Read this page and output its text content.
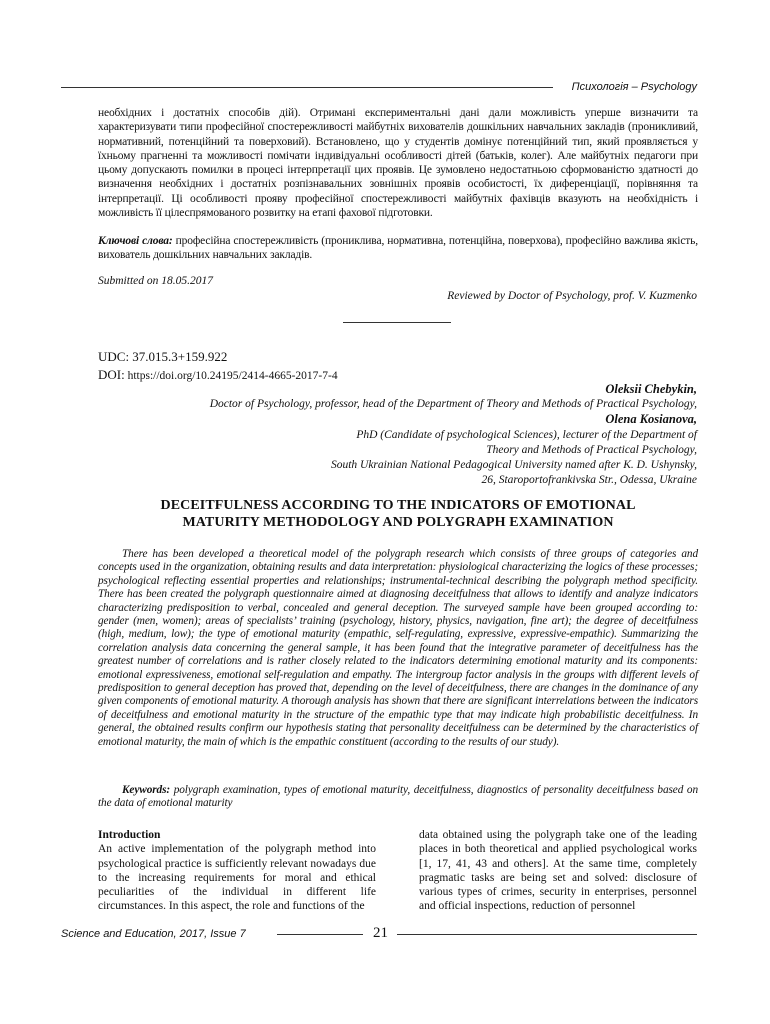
Психологія – Psychology

необхідних і достатніх способів дій). Отримані експериментальні дані дали можливість уперше визначити та характеризувати типи професійної спостережливості майбутніх вихователів дошкільних навчальних закладів (проникливий, нормативний, потенційний та поверховий). Встановлено, що у студентів домінує потенційний тип, який проявляється у їхньому прагненні та можливості помічати індивідуальні особливості дітей (батьків, колег). Але майбутніх педагоги при цьому допускають помилки в процесі інтерпретації цих проявів. Це зумовлено недостатньою сформованістю здатності до визначення необхідних і достатніх розпізнавальних зовнішніх проявів особистості, їх диференціації, порівняння та інтерпретації. Ці особливості прояву професійної спостережливості майбутніх фахівців вказують на необхідність і можливість її цілеспрямованого розвитку на етапі фахової підготовки.

Ключові слова: професійна спостережливість (проникливa, нормативна, потенційна, поверхова), професійно важлива якість, вихователь дошкільних навчальних закладів.

Submitted on 18.05.2017
Reviewed by Doctor of Psychology, prof. V. Kuzmenko
UDC: 37.015.3+159.922
DOI: https://doi.org/10.24195/2414-4665-2017-7-4
Oleksii Chebykin,
Doctor of Psychology, professor, head of the Department of Theory and Methods of Practical Psychology,
Olena Kosianova,
PhD (Candidate of psychological Sciences), lecturer of the Department of
Theory and Methods of Practical Psychology,
South Ukrainian National Pedagogical University named after K. D. Ushynsky,
26, Staroportofrankivska Str., Odessa, Ukraine
DECEITFULNESS ACCORDING TO THE INDICATORS OF EMOTIONAL
MATURITY METHODOLOGY AND POLYGRAPH EXAMINATION

There has been developed a theoretical model of the polygraph research which consists of three groups of categories and concepts used in the organization, obtaining results and data interpretation: physiological characterizing the logics of these processes; psychological reflecting essential properties and relationships; instrumental-technical describing the polygraph method specificity. There has been created the polygraph questionnaire aimed at diagnosing deceitfulness that allows to identify and analyze indicators characterizing predisposition to verbal, concealed and general deception. The surveyed sample have been grouped according to: gender (men, women); areas of specialists’ training (psychology, history, physics, navigation, fine art); the degree of deceitfulness (high, medium, low); the type of emotional maturity (empathic, self-regulating, expressive, expressive-empathic). Summarizing the correlation analysis data concerning the general sample, it has been found that the integrative parameter of deceitfulness has the greatest number of correlations and is rather closely related to the indicators determining emotional maturity and its components: emotional expressiveness, emotional self-regulation and empathy. The intergroup factor analysis in the groups with different levels of predisposition to general deception has proved that, depending on the level of deceitfulness, there are changes in the dominance of any given components of emotional maturity. A thorough analysis has shown that there are significant interrelations between the indicators of deceitfulness and emotional maturity in the structure of the empathic type that may indicate high probabilistic deceitfulness. In general, the obtained results confirm our hypothesis stating that personality deceitfulness can be determined by the characteristics of emotional maturity, the main of which is the empathic constituent (according to the results of our study).

Keywords: polygraph examination, types of emotional maturity, deceitfulness, diagnostics of personality deceitfulness based on the data of emotional maturity

Introduction

An active implementation of the polygraph method into psychological practice is sufficiently relevant nowadays due to the increasing requirements for moral and ethical peculiarities of the individual in different life circumstances. In this aspect, the role and functions of the

data obtained using the polygraph take one of the leading places in both theoretical and applied psychological works [1, 17, 41, 43 and others]. At the same time, completely pragmatic tasks are being set and solved: disclosure of various types of crimes, security in enterprises, personnel and official inspections, reduction of personnel

Science and Education, 2017, Issue 7	21
